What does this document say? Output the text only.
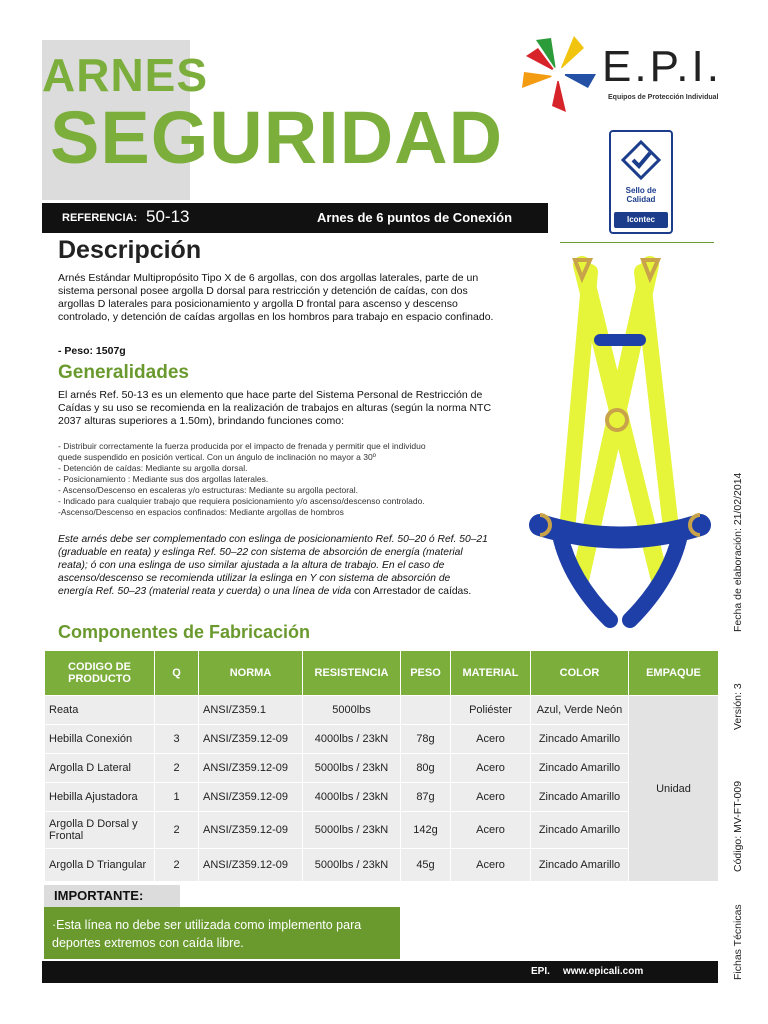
ARNES
SEGURIDAD
E.P.I.
Equipos de Protección Individual
Sello de Calidad
Icontec
REFERENCIA: 50-13	Arnes de 6 puntos de Conexión
Descripción
Arnés Estándar Multipropósito Tipo X de 6 argollas, con dos argollas laterales, parte de un sistema personal posee argolla D dorsal para restricción y detención de caídas, con dos argollas D laterales para posicionamiento y argolla D frontal para ascenso y descenso controlado, y detención de caídas argollas en los hombros para trabajo en espacio confinado.
- Peso: 1507g
Generalidades
El arnés Ref. 50-13 es un elemento que hace parte del Sistema Personal de Restricción de Caídas y su uso se recomienda en la realización de trabajos en alturas (según la norma NTC 2037 alturas superiores a 1.50m), brindando funciones como:
- Distribuir correctamente la fuerza producida por el impacto de frenada y permitir que el individuo
quede suspendido en posición vertical. Con un ángulo de inclinación no mayor a 30º
- Detención de caídas: Mediante su argolla dorsal.
- Posicionamiento : Mediante sus dos argollas laterales.
- Ascenso/Descenso en escaleras y/o estructuras: Mediante su argolla pectoral.
- Indicado para cualquier trabajo que requiera posicionamiento y/o ascenso/descenso controlado.
-Ascenso/Descenso en espacios confinados: Mediante argollas de hombros
Este arnés debe ser complementado con eslinga de posicionamiento Ref. 50–20 ó Ref. 50–21 (graduable en reata) y eslinga Ref. 50–22 con sistema de absorción de energía (material reata); ó con una eslinga de uso similar ajustada a la altura de trabajo. En el caso de ascenso/descenso se recomienda utilizar la eslinga en Y con sistema de absorción de energía Ref. 50–23 (material reata y cuerda) o una línea de vida con Arrestador de caídas.
Componentes de Fabricación
CODIGO DE PRODUCTO	Q	NORMA	RESISTENCIA	PESO	MATERIAL	COLOR	EMPAQUE
Reata		ANSI/Z359.1	5000lbs		Poliéster	Azul, Verde Neón	Unidad
Hebilla Conexión	3	ANSI/Z359.12-09	4000lbs / 23kN	78g	Acero	Zincado Amarillo	
Argolla D Lateral	2	ANSI/Z359.12-09	5000lbs / 23kN	80g	Acero	Zincado Amarillo	
Hebilla Ajustadora	1	ANSI/Z359.12-09	4000lbs / 23kN	87g	Acero	Zincado Amarillo	
Argolla D Dorsal y Frontal	2	ANSI/Z359.12-09	5000lbs / 23kN	142g	Acero	Zincado Amarillo	
Argolla D Triangular	2	ANSI/Z359.12-09	5000lbs / 23kN	45g	Acero	Zincado Amarillo	
IMPORTANTE:
·Esta línea no debe ser utilizada como implemento para deportes extremos con caída libre.
EPI. www.epicali.com
Fecha de elaboración: 21/02/2014
Versión: 3
Código: MV-FT-009
Fichas Técnicas
